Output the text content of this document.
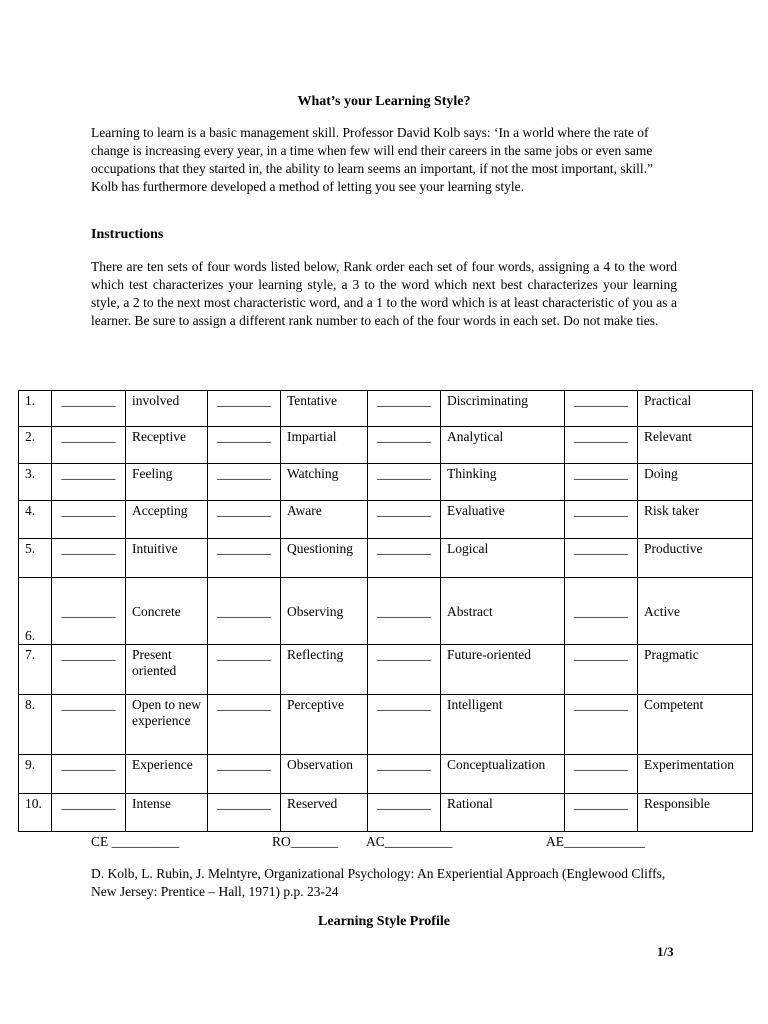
What’s your Learning Style?
Learning to learn is a basic management skill. Professor David Kolb says: ‘In a world where the rate of change is increasing every year, in a time when few will end their careers in the same jobs or even same occupations that they started in, the ability to learn seems an important, if not the most important, skill.” Kolb has furthermore developed a method of letting you see your learning style.
Instructions
There are ten sets of four words listed below, Rank order each set of four words, assigning a 4 to the word which test characterizes your learning style, a 3 to the word which next best characterizes your learning style, a 2 to the next most characteristic word, and a 1 to the word which is at least characteristic of you as a learner. Be sure to assign a different rank number to each of the four words in each set. Do not make ties.
1.	________	involved	________	Tentative	________	Discriminating	________	Practical
2.	________	Receptive	________	Impartial	________	Analytical	________	Relevant
3.	________	Feeling	________	Watching	________	Thinking	________	Doing
4.	________	Accepting	________	Aware	________	Evaluative	________	Risk taker
5.	________	Intuitive	________	Questioning	________	Logical	________	Productive
6.	________	Concrete	________	Observing	________	Abstract	________	Active
7.	________	Present oriented	________	Reflecting	________	Future-oriented	________	Pragmatic
8.	________	Open to new experience	________	Perceptive	________	Intelligent	________	Competent
9.	________	Experience	________	Observation	________	Conceptualization	________	Experimentation
10.	________	Intense	________	Reserved	________	Rational	________	Responsible
CE __________	RO_______ AC__________	AE____________
D. Kolb, L. Rubin, J. Melntyre, Organizational Psychology: An Experiential Approach (Englewood Cliffs, New Jersey: Prentice – Hall, 1971) p.p. 23-24
Learning Style Profile
1/3
